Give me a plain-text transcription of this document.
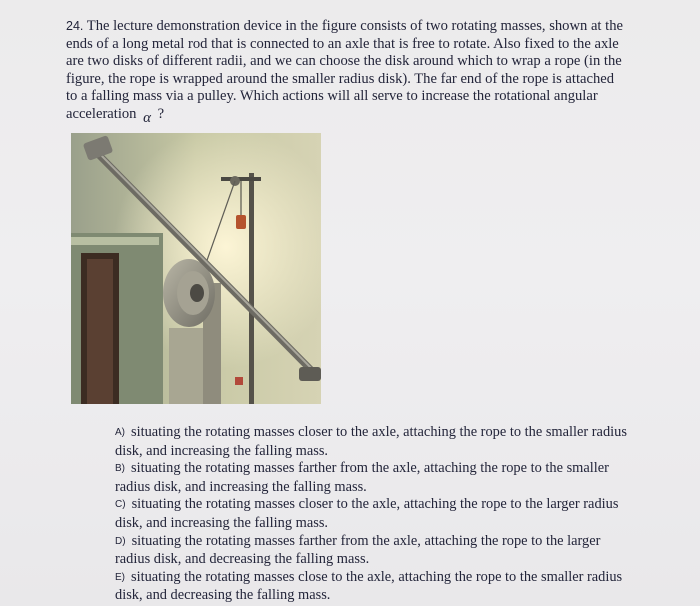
24. The lecture demonstration device in the figure consists of two rotating masses, shown at the ends of a long metal rod that is connected to an axle that is free to rotate. Also fixed to the axle are two disks of different radii, and we can choose the disk around which to wrap a rope (in the figure, the rope is wrapped around the smaller radius disk). The far end of the rope is attached to a falling mass via a pulley. Which actions will all serve to increase the rotational angular acceleration α ?

A) situating the rotating masses closer to the axle, attaching the rope to the smaller radius disk, and increasing the falling mass.

B) situating the rotating masses farther from the axle, attaching the rope to the smaller radius disk, and increasing the falling mass.

C) situating the rotating masses closer to the axle, attaching the rope to the larger radius disk, and increasing the falling mass.

D) situating the rotating masses farther from the axle, attaching the rope to the larger radius disk, and decreasing the falling mass.

E) situating the rotating masses close to the axle, attaching the rope to the smaller radius disk, and decreasing the falling mass.
